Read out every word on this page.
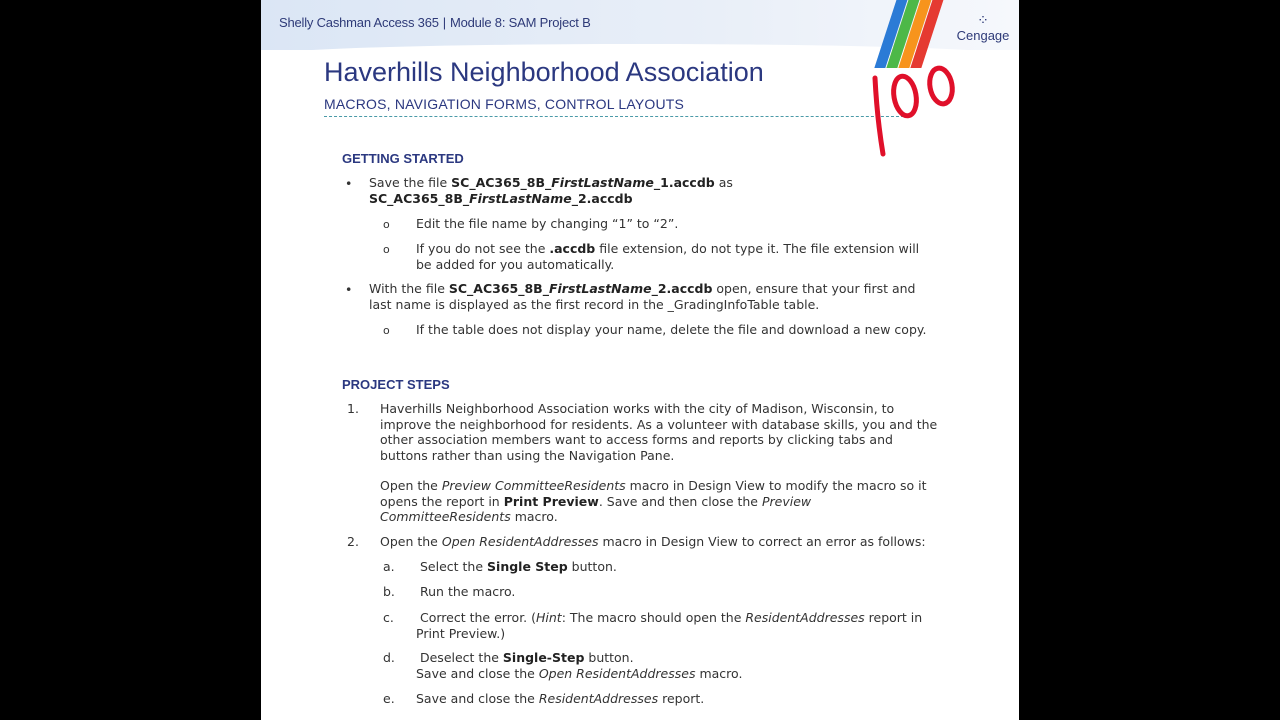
Shelly Cashman Access 365 | Module 8: SAM Project B	⁘
Cengage
Haverhills Neighborhood Association
MACROS, NAVIGATION FORMS, CONTROL LAYOUTS
100
GETTING STARTED
• Save the file SC_AC365_8B_FirstLastName_1.accdb as
SC_AC365_8B_FirstLastName_2.accdb
o Edit the file name by changing “1” to “2”.
o If you do not see the .accdb file extension, do not type it. The file extension will
be added for you automatically.
• With the file SC_AC365_8B_FirstLastName_2.accdb open, ensure that your first and
last name is displayed as the first record in the _GradingInfoTable table.
o If the table does not display your name, delete the file and download a new copy.
PROJECT STEPS
1. Haverhills Neighborhood Association works with the city of Madison, Wisconsin, to
improve the neighborhood for residents. As a volunteer with database skills, you and the
other association members want to access forms and reports by clicking tabs and
buttons rather than using the Navigation Pane.
Open the Preview CommitteeResidents macro in Design View to modify the macro so it
opens the report in Print Preview. Save and then close the Preview
CommitteeResidents macro.
2. Open the Open ResidentAddresses macro in Design View to correct an error as follows:
a. Select the Single Step button.
b. Run the macro.
c.	Correct the error. (Hint: The macro should open the ResidentAddresses report in
Print Preview.)
d.	Deselect the Single-Step button.
Save and close the Open ResidentAddresses macro.
e. Save and close the ResidentAddresses report.
